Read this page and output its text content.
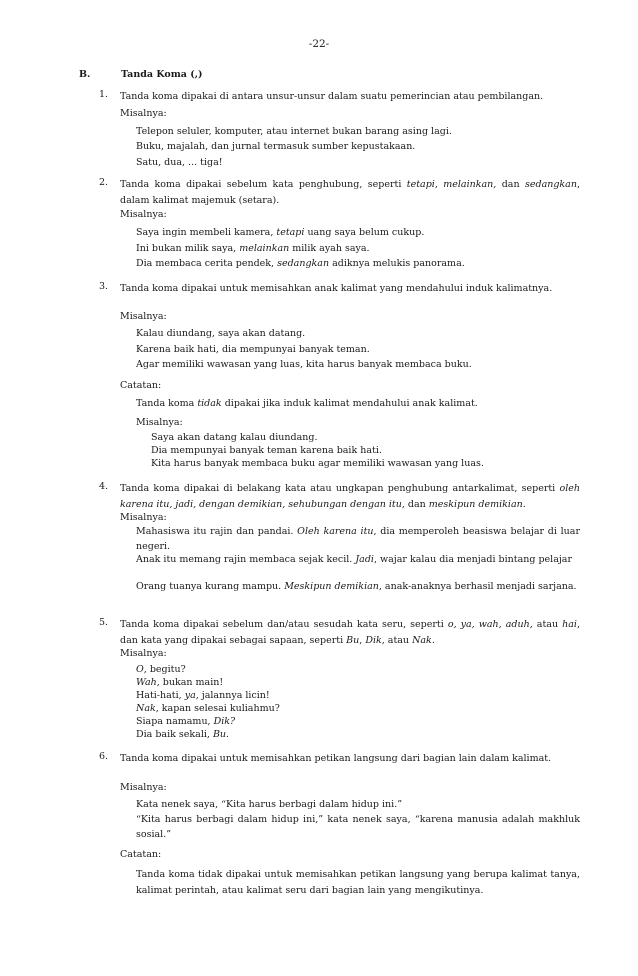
-22-
B.	Tanda Koma (,)
1. Tanda koma dipakai di antara unsur-unsur dalam suatu pemerincian atau pembilangan.
Misalnya:
Telepon seluler, komputer, atau internet bukan barang asing lagi.
Buku, majalah, dan jurnal termasuk sumber kepustakaan.
Satu, dua, ... tiga!
2. Tanda koma dipakai sebelum kata penghubung, seperti tetapi, melainkan, dan sedangkan, dalam kalimat majemuk (setara).
Misalnya:
Saya ingin membeli kamera, tetapi uang saya belum cukup.
Ini bukan milik saya, melainkan milik ayah saya.
Dia membaca cerita pendek, sedangkan adiknya melukis panorama.
3. Tanda koma dipakai untuk memisahkan anak kalimat yang mendahului induk kalimatnya.
Misalnya:
Kalau diundang, saya akan datang.
Karena baik hati, dia mempunyai banyak teman.
Agar memiliki wawasan yang luas, kita harus banyak membaca buku.
Catatan:
Tanda koma tidak dipakai jika induk kalimat mendahului anak kalimat.
Misalnya:
Saya akan datang kalau diundang.
Dia mempunyai banyak teman karena baik hati.
Kita harus banyak membaca buku agar memiliki wawasan yang luas.
4. Tanda koma dipakai di belakang kata atau ungkapan penghubung antarkalimat, seperti oleh karena itu, jadi, dengan demikian, sehubungan dengan itu, dan meskipun demikian.
Misalnya:
Mahasiswa itu rajin dan pandai. Oleh karena itu, dia memperoleh beasiswa belajar di luar negeri.
Anak itu memang rajin membaca sejak kecil. Jadi, wajar kalau dia menjadi bintang pelajar
Orang tuanya kurang mampu. Meskipun demikian, anak-anaknya berhasil menjadi sarjana.
5. Tanda koma dipakai sebelum dan/atau sesudah kata seru, seperti o, ya, wah, aduh, atau hai, dan kata yang dipakai sebagai sapaan, seperti Bu, Dik, atau Nak.
Misalnya:
O, begitu?
Wah, bukan main!
Hati-hati, ya, jalannya licin!
Nak, kapan selesai kuliahmu?
Siapa namamu, Dik?
Dia baik sekali, Bu.
6. Tanda koma dipakai untuk memisahkan petikan langsung dari bagian lain dalam kalimat.
Misalnya:
Kata nenek saya, “Kita harus berbagi dalam hidup ini.”
“Kita harus berbagi dalam hidup ini,” kata nenek saya, “karena manusia adalah makhluk sosial.”
Catatan:
Tanda koma tidak dipakai untuk memisahkan petikan langsung yang berupa kalimat tanya, kalimat perintah, atau kalimat seru dari bagian lain yang mengikutinya.
